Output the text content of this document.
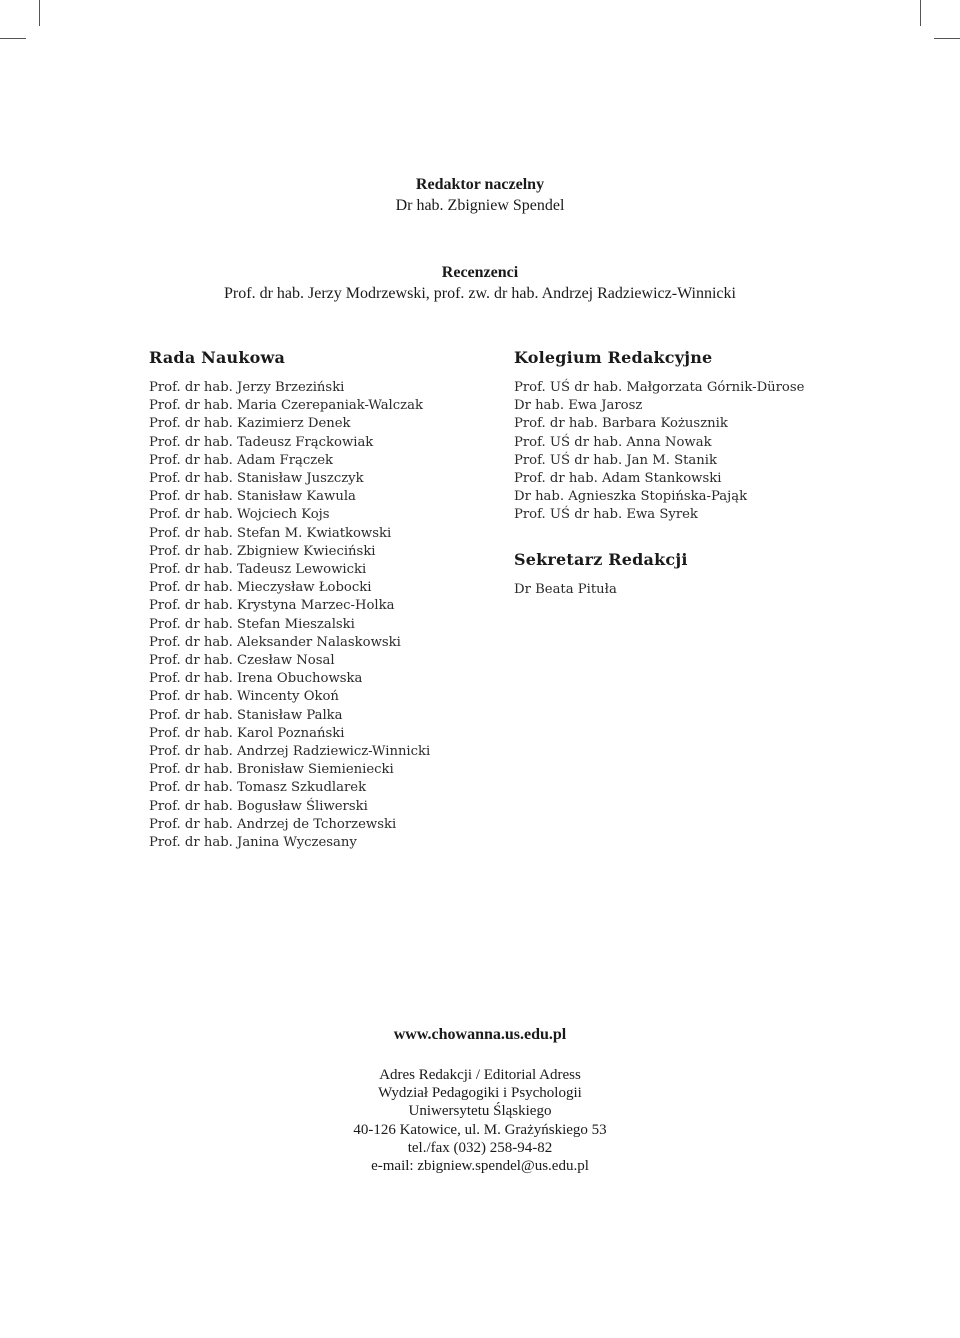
Redaktor naczelny
Dr hab. Zbigniew Spendel
Recenzenci
Prof. dr hab. Jerzy Modrzewski, prof. zw. dr hab. Andrzej Radziewicz-Winnicki
Rada Naukowa
Prof. dr hab. Jerzy Brzeziński
Prof. dr hab. Maria Czerepaniak-Walczak
Prof. dr hab. Kazimierz Denek
Prof. dr hab. Tadeusz Frąckowiak
Prof. dr hab. Adam Frączek
Prof. dr hab. Stanisław Juszczyk
Prof. dr hab. Stanisław Kawula
Prof. dr hab. Wojciech Kojs
Prof. dr hab. Stefan M. Kwiatkowski
Prof. dr hab. Zbigniew Kwieciński
Prof. dr hab. Tadeusz Lewowicki
Prof. dr hab. Mieczysław Łobocki
Prof. dr hab. Krystyna Marzec-Holka
Prof. dr hab. Stefan Mieszalski
Prof. dr hab. Aleksander Nalaskowski
Prof. dr hab. Czesław Nosal
Prof. dr hab. Irena Obuchowska
Prof. dr hab. Wincenty Okoń
Prof. dr hab. Stanisław Palka
Prof. dr hab. Karol Poznański
Prof. dr hab. Andrzej Radziewicz-Winnicki
Prof. dr hab. Bronisław Siemieniecki
Prof. dr hab. Tomasz Szkudlarek
Prof. dr hab. Bogusław Śliwerski
Prof. dr hab. Andrzej de Tchorzewski
Prof. dr hab. Janina Wyczesany
Kolegium Redakcyjne
Prof. UŚ dr hab. Małgorzata Górnik-Dürose
Dr hab. Ewa Jarosz
Prof. dr hab. Barbara Kożusznik
Prof. UŚ dr hab. Anna Nowak
Prof. UŚ dr hab. Jan M. Stanik
Prof. dr hab. Adam Stankowski
Dr hab. Agnieszka Stopińska-Pająk
Prof. UŚ dr hab. Ewa Syrek
Sekretarz Redakcji
Dr Beata Pituła
www.chowanna.us.edu.pl
Adres Redakcji / Editorial Adress
Wydział Pedagogiki i Psychologii
Uniwersytetu Śląskiego
40-126 Katowice, ul. M. Grażyńskiego 53
tel./fax (032) 258-94-82
e-mail: zbigniew.spendel@us.edu.pl
